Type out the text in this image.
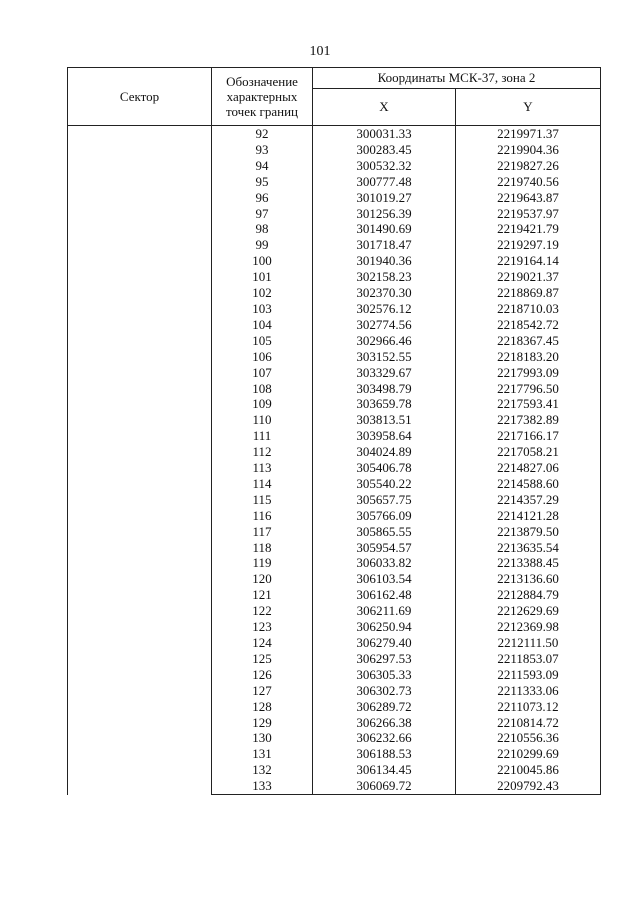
101
Сектор	Обозначение характерных точек границ	Координаты МСК-37, зона 2	
		X	Y
	92	300031.33	2219971.37
	93	300283.45	2219904.36
	94	300532.32	2219827.26
	95	300777.48	2219740.56
	96	301019.27	2219643.87
	97	301256.39	2219537.97
	98	301490.69	2219421.79
	99	301718.47	2219297.19
	100	301940.36	2219164.14
	101	302158.23	2219021.37
	102	302370.30	2218869.87
	103	302576.12	2218710.03
	104	302774.56	2218542.72
	105	302966.46	2218367.45
	106	303152.55	2218183.20
	107	303329.67	2217993.09
	108	303498.79	2217796.50
	109	303659.78	2217593.41
	110	303813.51	2217382.89
	111	303958.64	2217166.17
	112	304024.89	2217058.21
	113	305406.78	2214827.06
	114	305540.22	2214588.60
	115	305657.75	2214357.29
	116	305766.09	2214121.28
	117	305865.55	2213879.50
	118	305954.57	2213635.54
	119	306033.82	2213388.45
	120	306103.54	2213136.60
	121	306162.48	2212884.79
	122	306211.69	2212629.69
	123	306250.94	2212369.98
	124	306279.40	2212111.50
	125	306297.53	2211853.07
	126	306305.33	2211593.09
	127	306302.73	2211333.06
	128	306289.72	2211073.12
	129	306266.38	2210814.72
	130	306232.66	2210556.36
	131	306188.53	2210299.69
	132	306134.45	2210045.86
	133	306069.72	2209792.43
